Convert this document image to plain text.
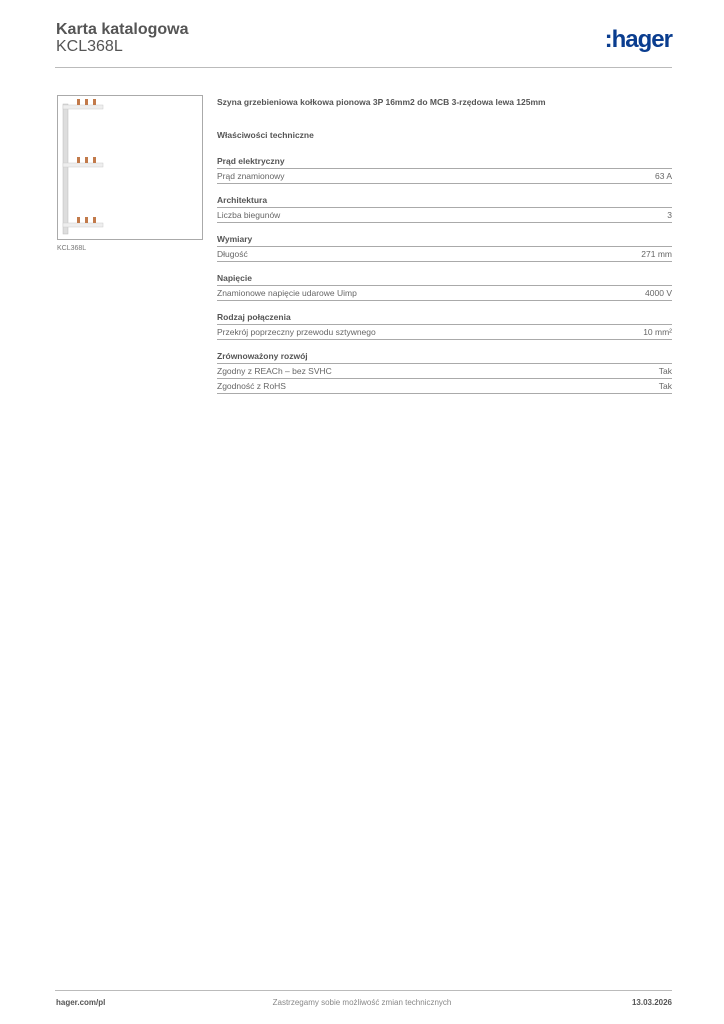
Karta katalogowa
KCL368L	:hager
KCL368L
Szyna grzebieniowa kołkowa pionowa 3P 16mm2 do MCB 3-rzędowa lewa 125mm
Właściwości techniczne
Prąd elektryczny
Prąd znamionowy	63 A
Architektura
Liczba biegunów	3
Wymiary
Długość	271 mm
Napięcie
Znamionowe napięcie udarowe Uimp	4000 V
Rodzaj połączenia
Przekrój poprzeczny przewodu sztywnego	10 mm²
Zrównoważony rozwój
Zgodny z REACh – bez SVHC	Tak
Zgodność z RoHS	Tak
hager.com/pl	Zastrzegamy sobie możliwość zmian technicznych	13.03.2026
